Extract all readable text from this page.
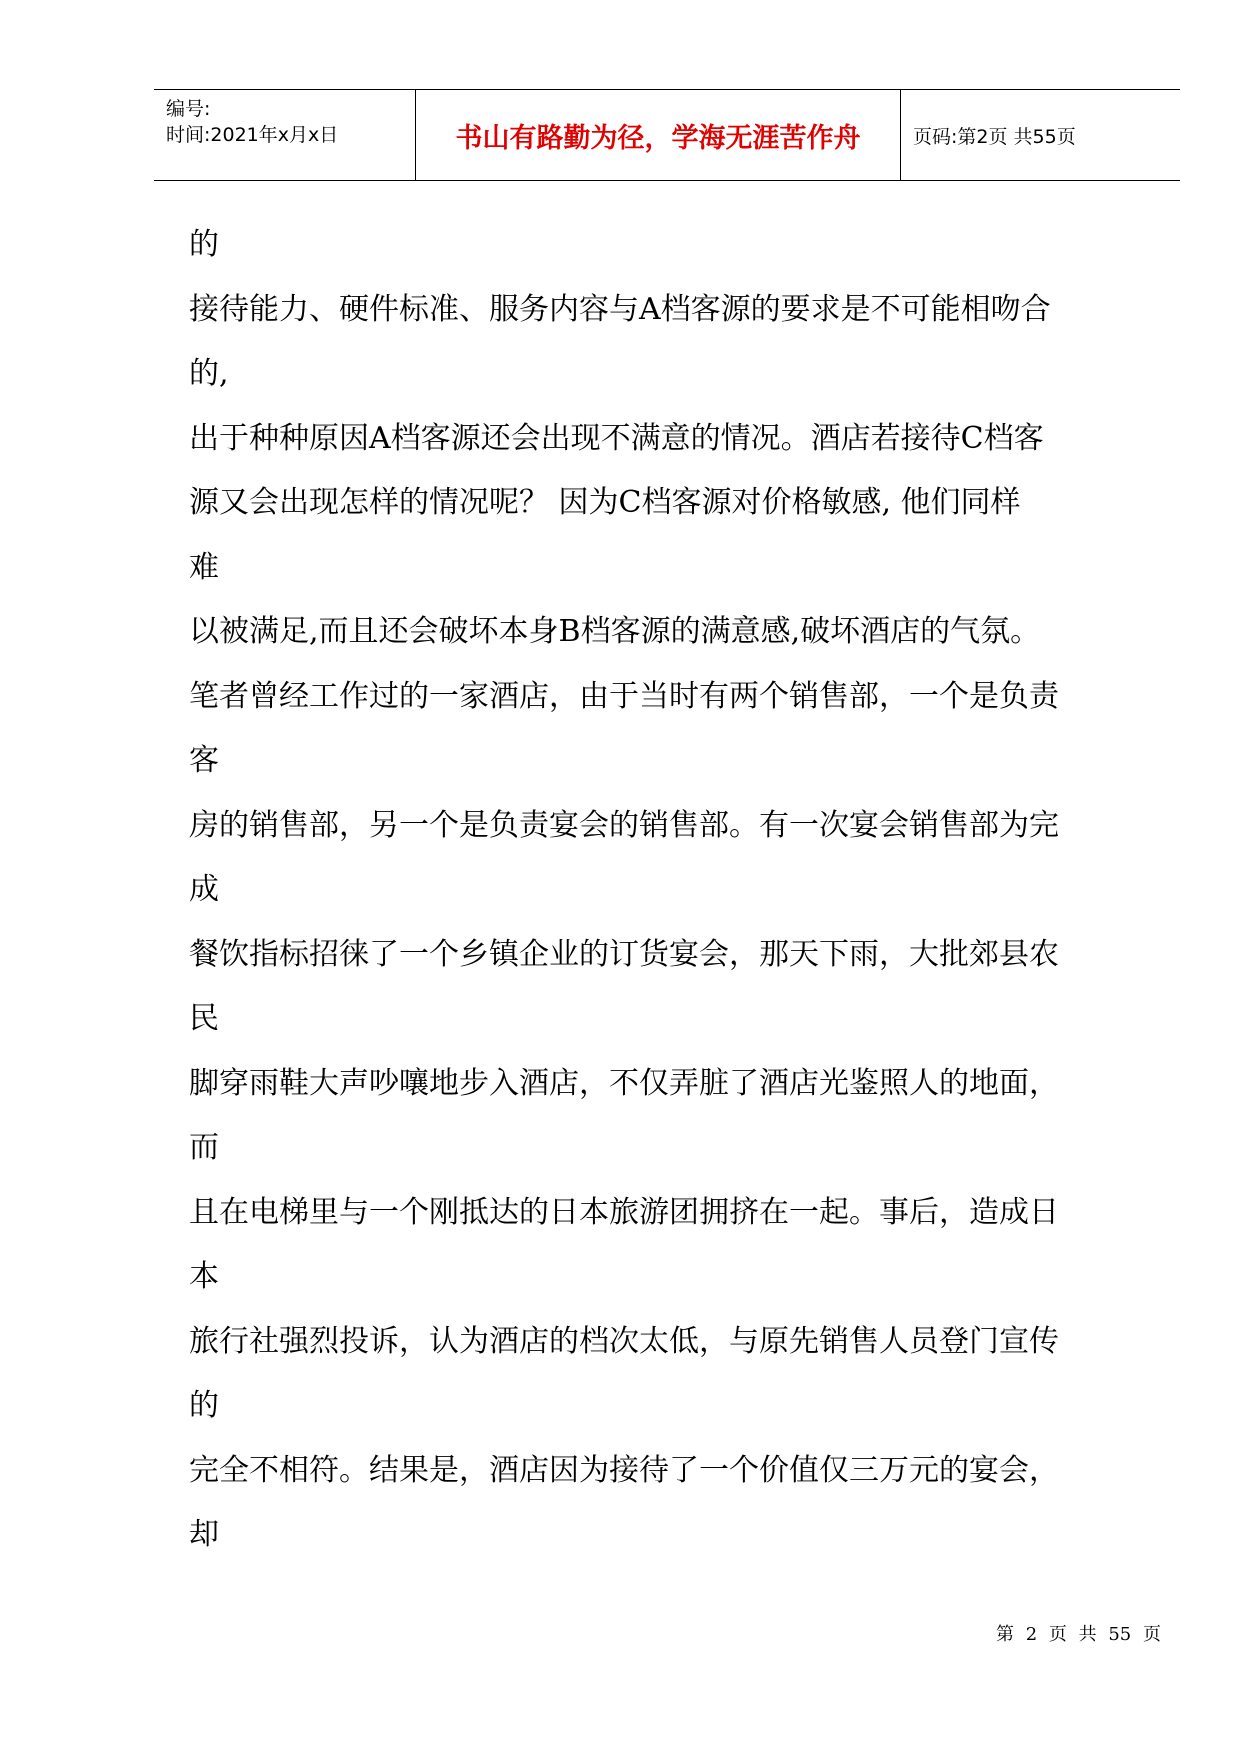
编号:
时间:2021年x月x日	书山有路勤为径，学海无涯苦作舟	页码:第2页 共55页
的
接待能力、硬件标准、服务内容与A档客源的要求是不可能相吻合
的,
出于种种原因A档客源还会出现不满意的情况。酒店若接待C档客
源又会出现怎样的情况呢？ 因为C档客源对价格敏感, 他们同样
难
以被满足,而且还会破坏本身B档客源的满意感,破坏酒店的气氛。
笔者曾经工作过的一家酒店，由于当时有两个销售部，一个是负责
客
房的销售部，另一个是负责宴会的销售部。有一次宴会销售部为完
成
餐饮指标招徕了一个乡镇企业的订货宴会，那天下雨，大批郊县农
民
脚穿雨鞋大声吵嚷地步入酒店，不仅弄脏了酒店光鉴照人的地面，
而
且在电梯里与一个刚抵达的日本旅游团拥挤在一起。事后，造成日
本
旅行社强烈投诉，认为酒店的档次太低，与原先销售人员登门宣传
的
完全不相符。结果是，酒店因为接待了一个价值仅三万元的宴会，
却
第 2 页 共 55 页
